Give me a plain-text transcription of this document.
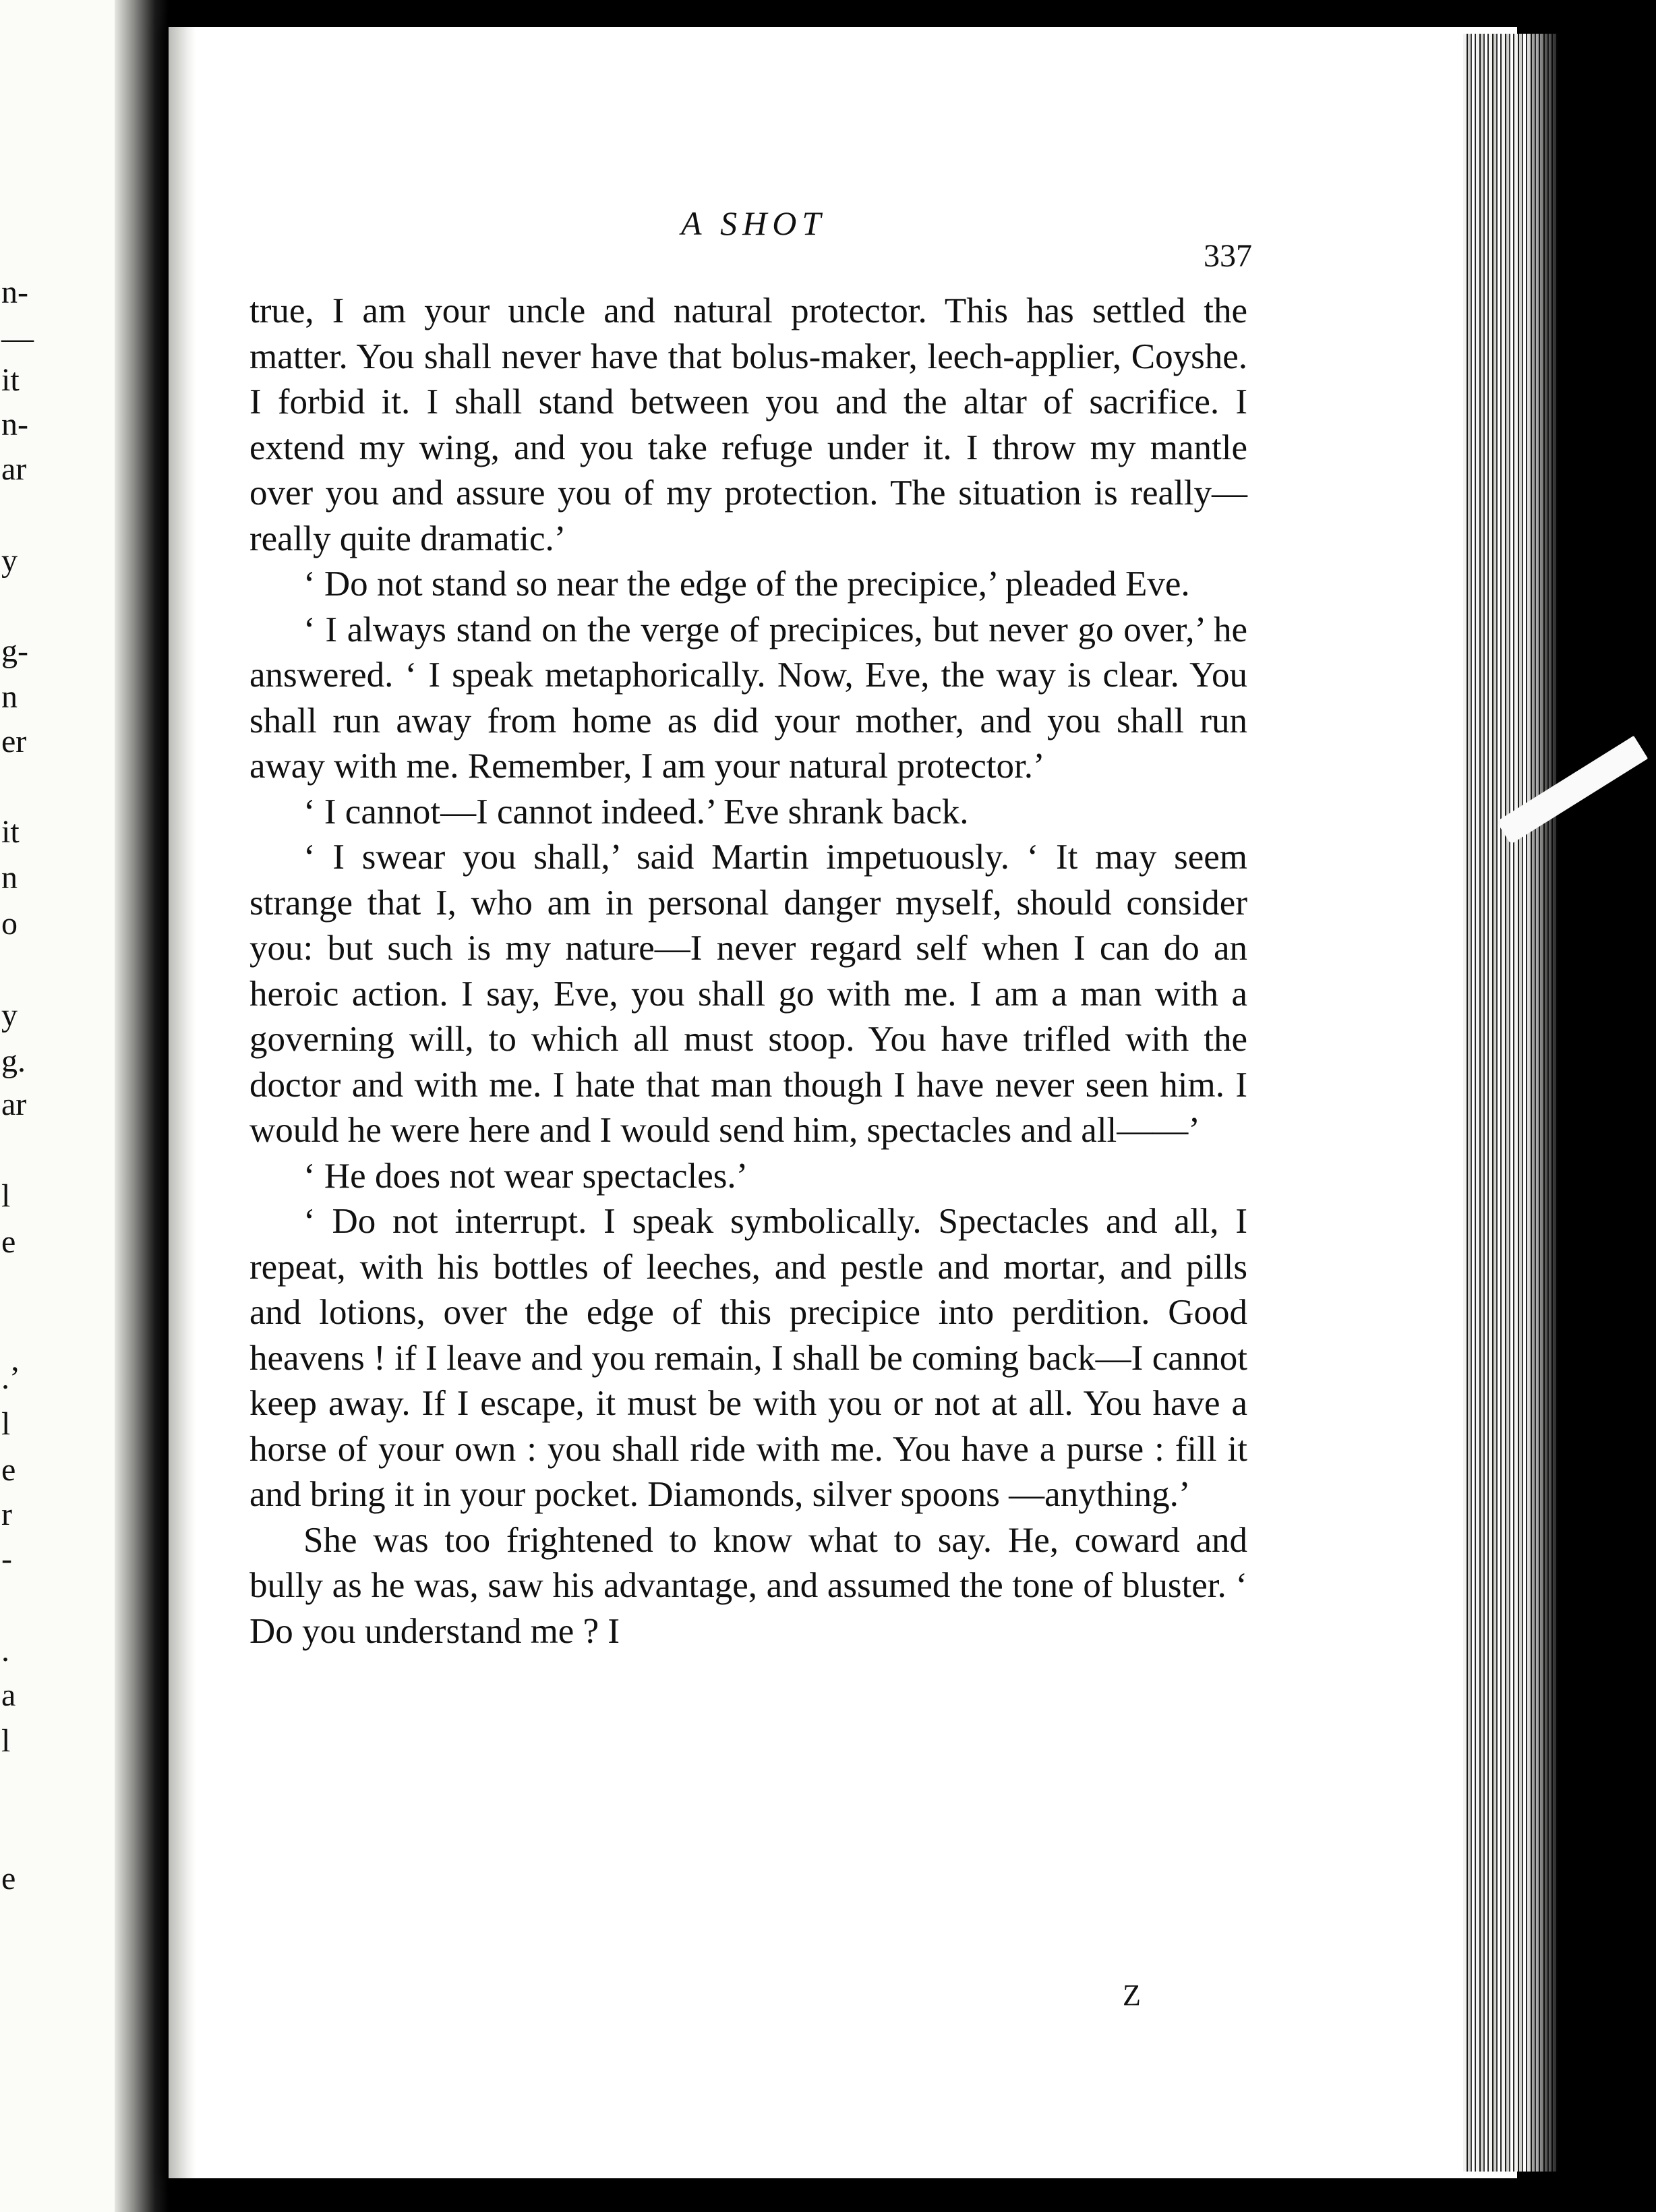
n-
—
it
n-
ar
y
g-
n
er
it
n
o
y
g.
ar
l
e
.’
l
e
r
-
.
a
l
e
A SHOT
337

true, I am your uncle and natural protector. This has settled the matter. You shall never have that bolus-maker, leech-applier, Coyshe. I forbid it. I shall stand between you and the altar of sacrifice. I extend my wing, and you take refuge under it. I throw my mantle over you and assure you of my protection. The situation is really—really quite dramatic.’

‘ Do not stand so near the edge of the precipice,’ pleaded Eve.

‘ I always stand on the verge of precipices, but never go over,’ he answered. ‘ I speak metaphorically. Now, Eve, the way is clear. You shall run away from home as did your mother, and you shall run away with me. Remember, I am your natural protector.’

‘ I cannot—I cannot indeed.’ Eve shrank back.

‘ I swear you shall,’ said Martin impetuously. ‘ It may seem strange that I, who am in personal danger myself, should consider you: but such is my nature—I never regard self when I can do an heroic action. I say, Eve, you shall go with me. I am a man with a governing will, to which all must stoop. You have trifled with the doctor and with me. I hate that man though I have never seen him. I would he were here and I would send him, spectacles and all——’

‘ He does not wear spectacles.’

‘ Do not interrupt. I speak symbolically. Spectacles and all, I repeat, with his bottles of leeches, and pestle and mortar, and pills and lotions, over the edge of this precipice into perdition. Good heavens ! if I leave and you remain, I shall be coming back—I cannot keep away. If I escape, it must be with you or not at all. You have a horse of your own : you shall ride with me. You have a purse : fill it and bring it in your pocket. Diamonds, silver spoons —anything.’

She was too frightened to know what to say. He, coward and bully as he was, saw his advantage, and assumed the tone of bluster. ‘ Do you understand me ? I

Z
